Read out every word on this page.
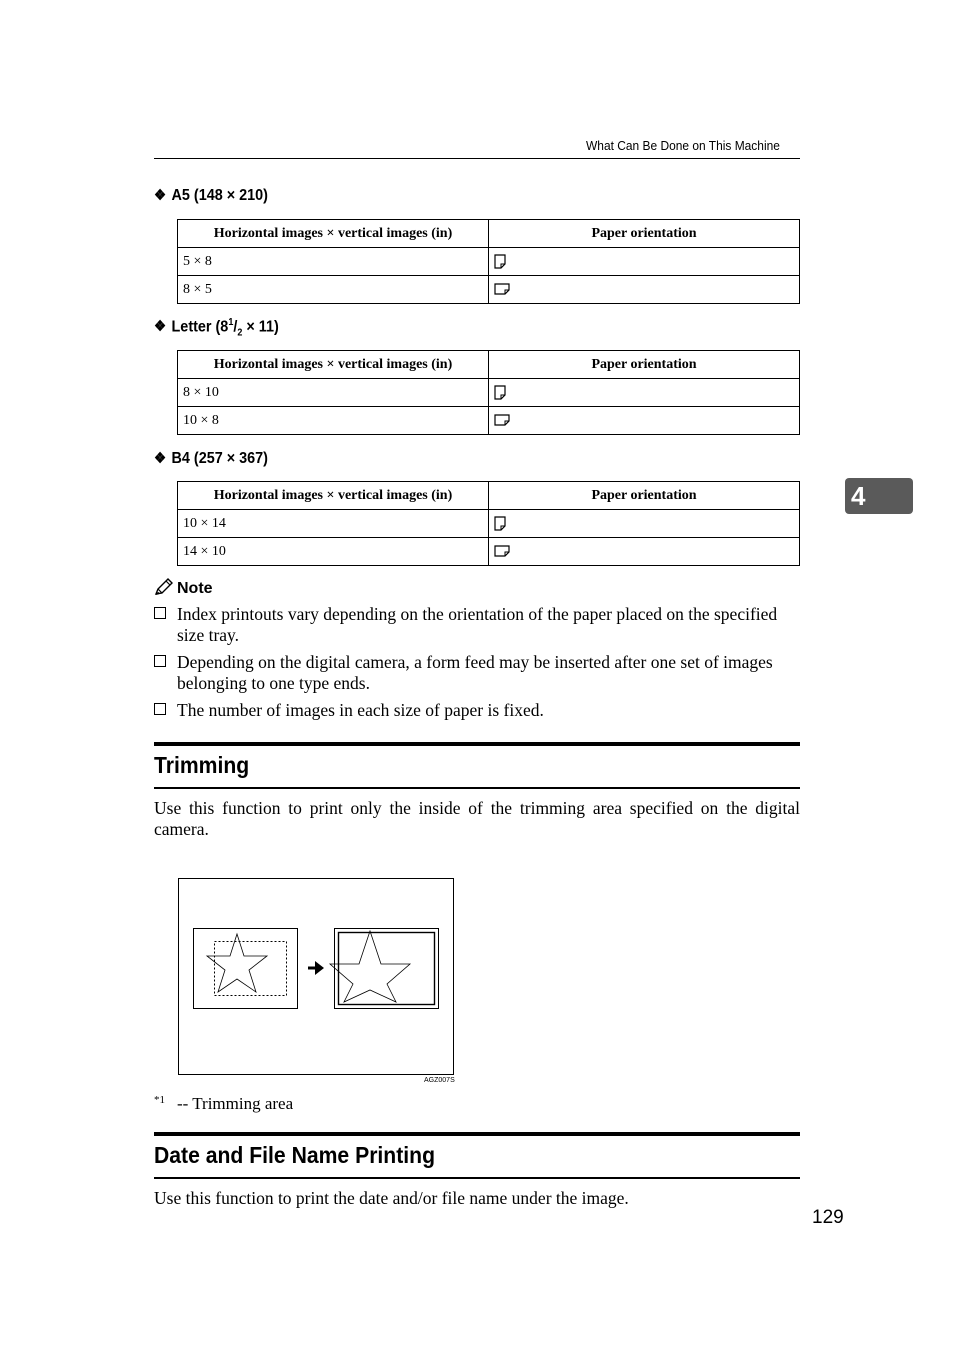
What Can Be Done on This Machine
4
❖ A5 (148 × 210)
Horizontal images × vertical images (in)	Paper orientation
5 × 8	
8 × 5	
❖ Letter $(8^1/_2 \times 11)$
Horizontal images × vertical images (in)	Paper orientation
8 × 10	
10 × 8	
❖ B4 (257 × 367)
Horizontal images × vertical images (in)	Paper orientation
10 × 14	
14 × 10	
Note
Index printouts vary depending on the orientation of the paper placed on the specified size tray.
Depending on the digital camera, a form feed may be inserted after one set of images belonging to one type ends.
The number of images in each size of paper is fixed.
Trimming
Use this function to print only the inside of the trimming area specified on the digital camera.
AGZ007S
*1 -- Trimming area
Date and File Name Printing
Use this function to print the date and/or file name under the image.
129
